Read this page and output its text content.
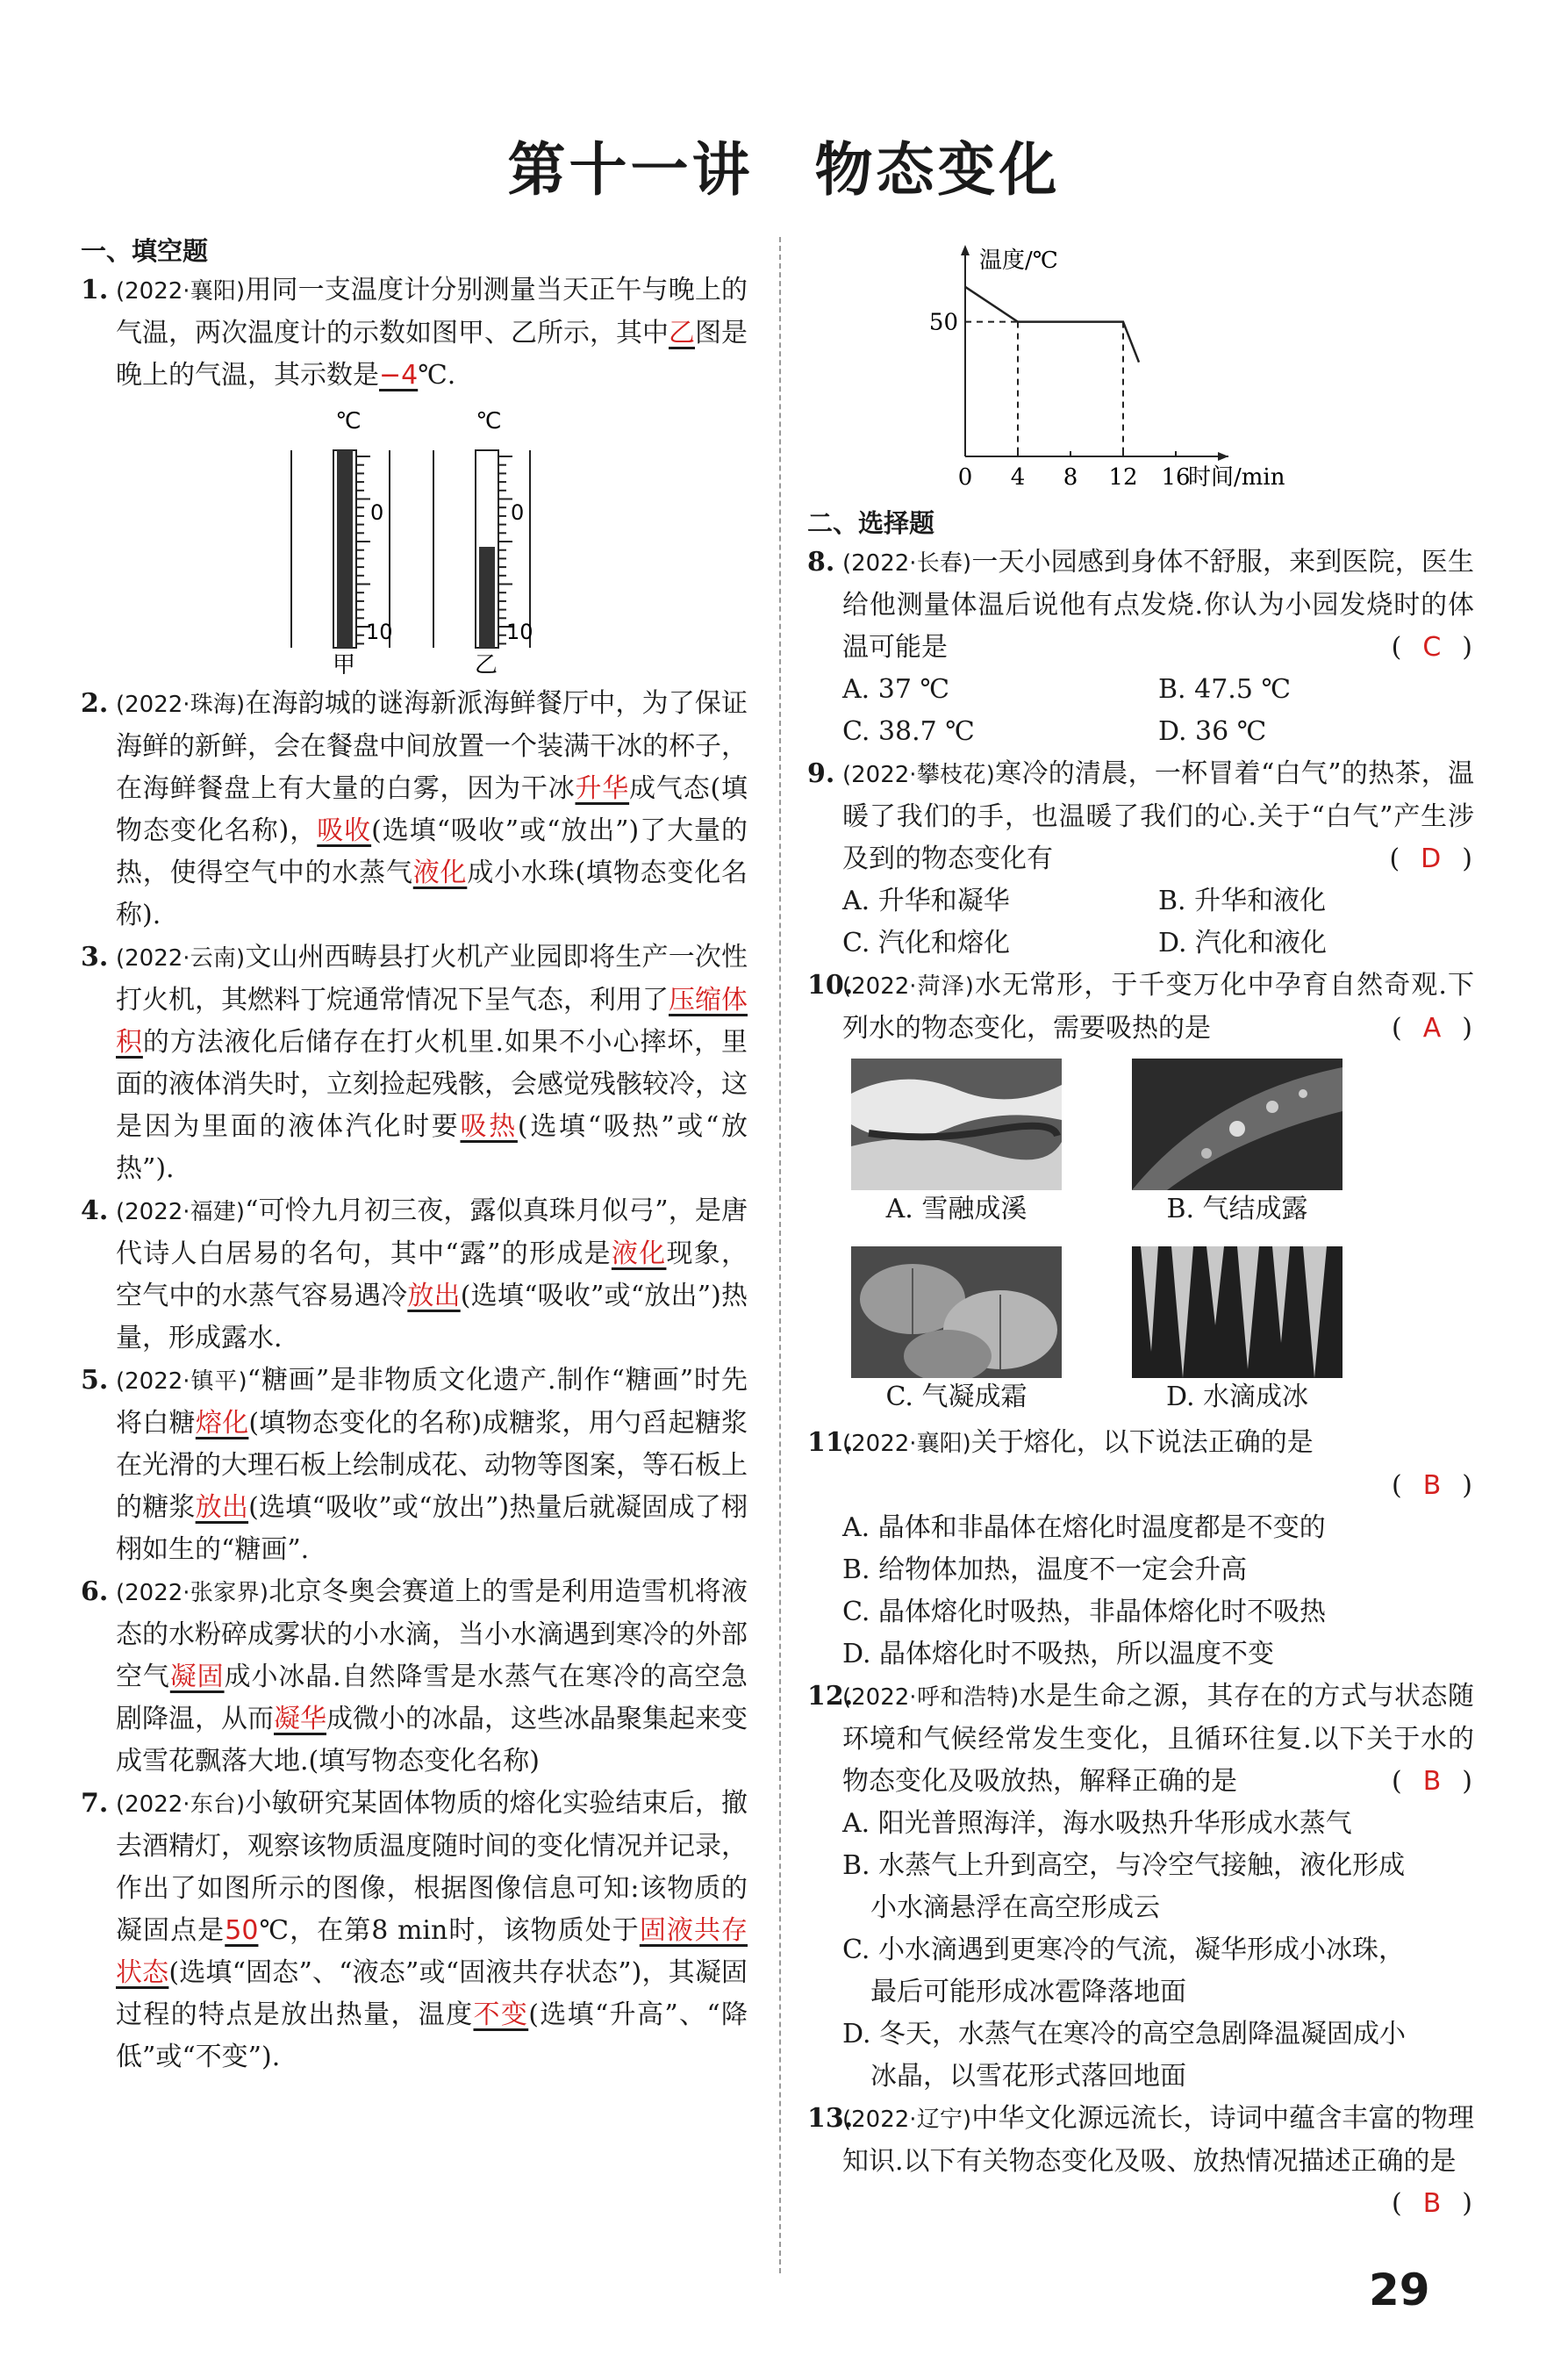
第十一讲 物态变化

一、填空题

1. (2022·襄阳)用同一支温度计分别测量当天正午与晚上的气温，两次温度计的示数如图甲、乙所示，其中乙图是晚上的气温，其示数是−4℃.

℃
0
10
甲
℃
0
10
乙

2. (2022·珠海)在海韵城的谜海新派海鲜餐厅中，为了保证海鲜的新鲜，会在餐盘中间放置一个装满干冰的杯子，在海鲜餐盘上有大量的白雾，因为干冰升华成气态(填物态变化名称)，吸收(选填“吸收”或“放出”)了大量的热，使得空气中的水蒸气液化成小水珠(填物态变化名称).

3. (2022·云南)文山州西畴县打火机产业园即将生产一次性打火机，其燃料丁烷通常情况下呈气态，利用了压缩体积的方法液化后储存在打火机里.如果不小心摔坏，里面的液体消失时，立刻捡起残骸，会感觉残骸较冷，这是因为里面的液体汽化时要吸热(选填“吸热”或“放热”).

4. (2022·福建)“可怜九月初三夜，露似真珠月似弓”，是唐代诗人白居易的名句，其中“露”的形成是液化现象，空气中的水蒸气容易遇冷放出(选填“吸收”或“放出”)热量，形成露水.

5. (2022·镇平)“糖画”是非物质文化遗产.制作“糖画”时先将白糖熔化(填物态变化的名称)成糖浆，用勺舀起糖浆在光滑的大理石板上绘制成花、动物等图案，等石板上的糖浆放出(选填“吸收”或“放出”)热量后就凝固成了栩栩如生的“糖画”.

6. (2022·张家界)北京冬奥会赛道上的雪是利用造雪机将液态的水粉碎成雾状的小水滴，当小水滴遇到寒冷的外部空气凝固成小冰晶.自然降雪是水蒸气在寒冷的高空急剧降温，从而凝华成微小的冰晶，这些冰晶聚集起来变成雪花飘落大地.(填写物态变化名称)

7. (2022·东台)小敏研究某固体物质的熔化实验结束后，撤去酒精灯，观察该物质温度随时间的变化情况并记录，作出了如图所示的图像，根据图像信息可知:该物质的凝固点是50℃，在第8 min时，该物质处于固液共存状态(选填“固态”、“液态”或“固液共存状态”)，其凝固过程的特点是放出热量，温度不变(选填“升高”、“降低”或“不变”).

温度/℃
时间/min
0 4 8 12 16
50

二、选择题

8. (2022·长春)一天小园感到身体不舒服，来到医院，医生给他测量体温后说他有点发烧.你认为小园发烧时的体温可能是	( C )

A. 37 ℃	B. 47.5 ℃
C. 38.7 ℃	D. 36 ℃

9. (2022·攀枝花)寒冷的清晨，一杯冒着“白气”的热茶，温暖了我们的手，也温暖了我们的心.关于“白气”产生涉及到的物态变化有	( D )

A. 升华和凝华	B. 升华和液化
C. 汽化和熔化	D. 汽化和液化

10.
(2022·菏泽)水无常形，于千变万化中孕育自然奇观.下列水的物态变化，需要吸热的是	( A )

A. 雪融成溪	B. 气结成露
C. 气凝成霜	D. 水滴成冰

11.
(2022·襄阳)关于熔化，以下说法正确的是

( B )

A. 晶体和非晶体在熔化时温度都是不变的
B. 给物体加热，温度不一定会升高
C. 晶体熔化时吸热，非晶体熔化时不吸热
D. 晶体熔化时不吸热，所以温度不变

12.
(2022·呼和浩特)水是生命之源，其存在的方式与状态随环境和气候经常发生变化，且循环往复.以下关于水的物态变化及吸放热，解释正确的是	( B )

A. 阳光普照海洋，海水吸热升华形成水蒸气
B. 水蒸气上升到高空，与冷空气接触，液化形成
小水滴悬浮在高空形成云
C. 小水滴遇到更寒冷的气流，凝华形成小冰珠，
最后可能形成冰雹降落地面
D. 冬天，水蒸气在寒冷的高空急剧降温凝固成小
冰晶，以雪花形式落回地面

13.
(2022·辽宁)中华文化源远流长，诗词中蕴含丰富的物理知识.以下有关物态变化及吸、放热情况描述正确的是
( B )

29
